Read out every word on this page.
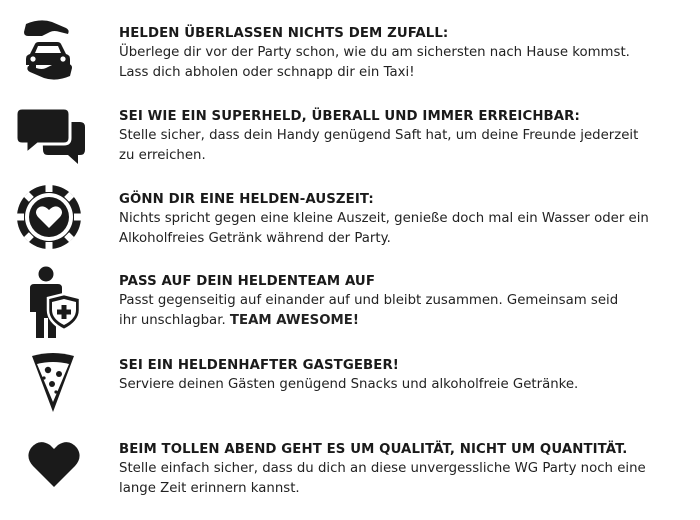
HELDEN ÜBERLASSEN NICHTS DEM ZUFALL:
Überlege dir vor der Party schon, wie du am sichersten nach Hause kommst.
Lass dich abholen oder schnapp dir ein Taxi!
SEI WIE EIN SUPERHELD, ÜBERALL UND IMMER ERREICHBAR:
Stelle sicher, dass dein Handy genügend Saft hat, um deine Freunde jederzeit
zu erreichen.
GÖNN DIR EINE HELDEN-AUSZEIT:
Nichts spricht gegen eine kleine Auszeit, genieße doch mal ein Wasser oder ein
Alkoholfreies Getränk während der Party.
PASS AUF DEIN HELDENTEAM AUF
Passt gegenseitig auf einander auf und bleibt zusammen. Gemeinsam seid
ihr unschlagbar. TEAM AWESOME!
SEI EIN HELDENHAFTER GASTGEBER!
Serviere deinen Gästen genügend Snacks und alkoholfreie Getränke.
BEIM TOLLEN ABEND GEHT ES UM QUALITÄT, NICHT UM QUANTITÄT.
Stelle einfach sicher, dass du dich an diese unvergessliche WG Party noch eine
lange Zeit erinnern kannst.
